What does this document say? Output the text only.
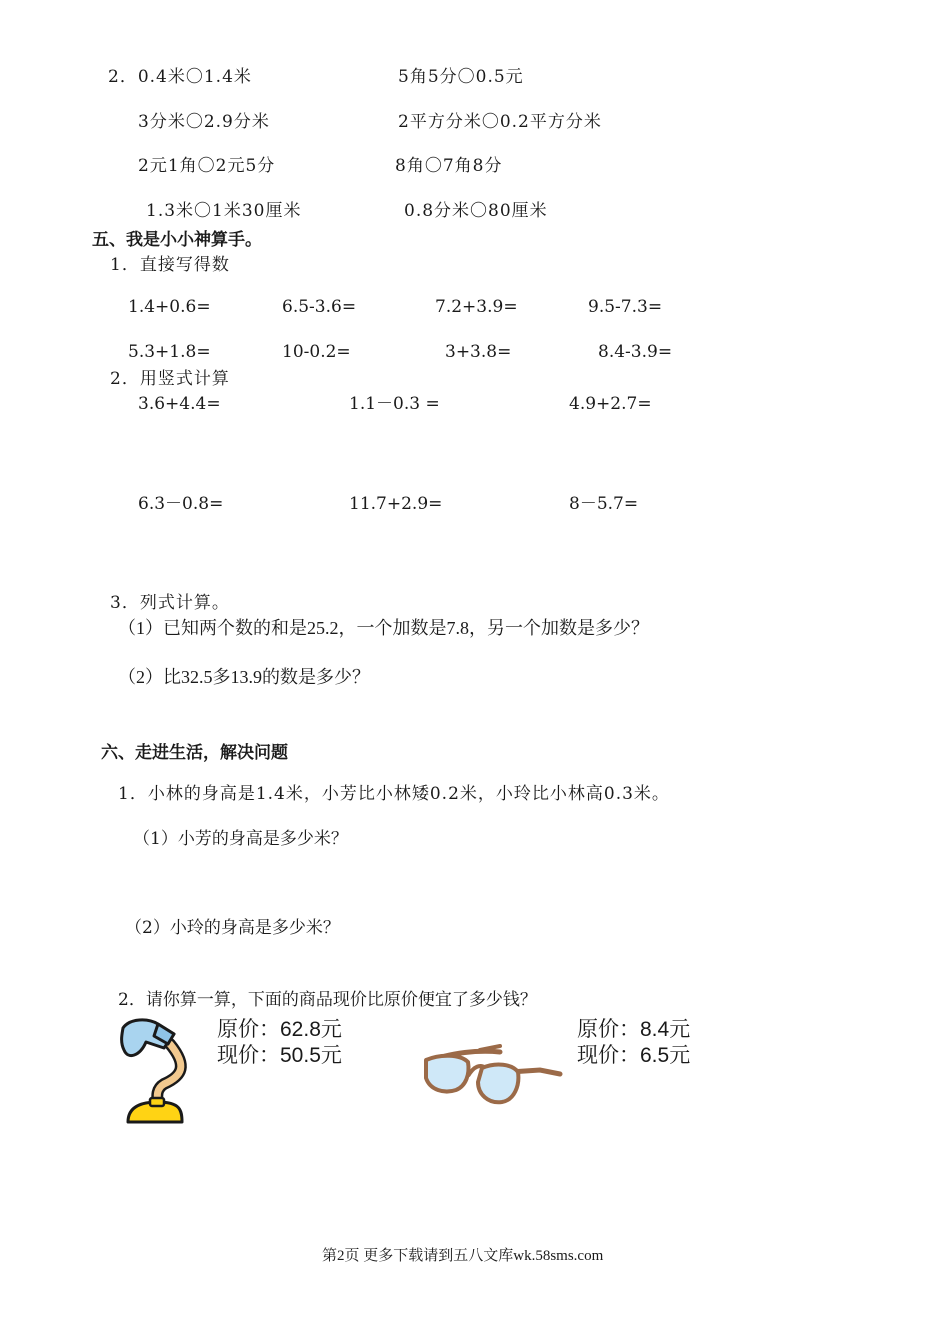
2．0.4米〇1.4米	5角5分〇0.5元
3分米〇2.9分米	2平方分米〇0.2平方分米
2元1角〇2元5分	8角〇7角8分
1.3米〇1米30厘米	0.8分米〇80厘米
五、我是小小神算手。
1．直接写得数
1.4+0.6=	6.5-3.6=	7.2+3.9=	9.5-7.3=
5.3+1.8=	10-0.2=	3+3.8=	8.4-3.9=
2．用竖式计算
3.6+4.4=	1.1－0.3 =	4.9+2.7=
6.3－0.8=	11.7+2.9=	8－5.7=
3．列式计算。
（1）已知两个数的和是25.2，一个加数是7.8，另一个加数是多少？
（2）比32.5多13.9的数是多少？
六、走进生活，解决问题
1．小林的身高是1.4米，小芳比小林矮0.2米，小玲比小林高0.3米。
（1）小芳的身高是多少米？
（2）小玲的身高是多少米？
2．请你算一算，下面的商品现价比原价便宜了多少钱？
原价：62.8元
现价：50.5元
原价：8.4元
现价：6.5元
第2页 更多下载请到五八文库wk.58sms.com
